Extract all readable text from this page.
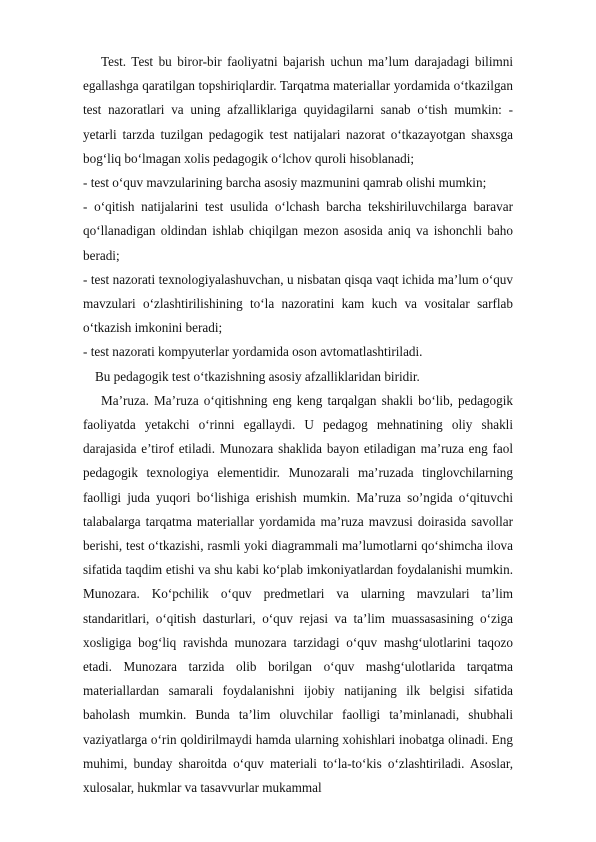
Test. Test bu biror-bir faoliyatni bajarish uchun ma’lum darajadagi bilimni egallashga qaratilgan topshiriqlardir. Tarqatma materiallar yordamida o‘tkazilgan test nazoratlari va uning afzalliklariga quyidagilarni sanab o‘tish mumkin: - yetarli tarzda tuzilgan pedagogik test natijalari nazorat o‘tkazayotgan shaxsga bog‘liq bo‘lmagan xolis pedagogik o‘lchov quroli hisoblanadi;

- test o‘quv mavzularining barcha asosiy mazmunini qamrab olishi mumkin;

- o‘qitish natijalarini test usulida o‘lchash barcha tekshiriluvchilarga baravar qo‘llanadigan oldindan ishlab chiqilgan mezon asosida aniq va ishonchli baho beradi;

- test nazorati texnologiyalashuvchan, u nisbatan qisqa vaqt ichida ma’lum o‘quv mavzulari o‘zlashtirilishining to‘la nazoratini kam kuch va vositalar sarflab o‘tkazish imkonini beradi;

- test nazorati kompyuterlar yordamida oson avtomatlashtiriladi.

Bu pedagogik test o‘tkazishning asosiy afzalliklaridan biridir.

Ma’ruza. Ma’ruza o‘qitishning eng keng tarqalgan shakli bo‘lib, pedagogik faoliyatda yetakchi o‘rinni egallaydi. U pedagog mehnatining oliy shakli darajasida e’tirof etiladi. Munozara shaklida bayon etiladigan ma’ruza eng faol pedagogik texnologiya elementidir. Munozarali ma’ruzada tinglovchilarning faolligi juda yuqori bo‘lishiga erishish mumkin. Ma’ruza so’ngida o‘qituvchi talabalarga tarqatma materiallar yordamida ma’ruza mavzusi doirasida savollar berishi, test o‘tkazishi, rasmli yoki diagrammali ma’lumotlarni qo‘shimcha ilova sifatida taqdim etishi va shu kabi ko‘plab imkoniyatlardan foydalanishi mumkin. Munozara. Ko‘pchilik o‘quv predmetlari va ularning mavzulari ta’lim standaritlari, o‘qitish dasturlari, o‘quv rejasi va ta’lim muassasasining o‘ziga xosligiga bog‘liq ravishda munozara tarzidagi o‘quv mashg‘ulotlarini taqozo etadi. Munozara tarzida olib borilgan o‘quv mashg‘ulotlarida tarqatma materiallardan samarali foydalanishni ijobiy natijaning ilk belgisi sifatida baholash mumkin. Bunda ta’lim oluvchilar faolligi ta’minlanadi, shubhali vaziyatlarga o‘rin qoldirilmaydi hamda ularning xohishlari inobatga olinadi. Eng muhimi, bunday sharoitda o‘quv materiali to‘la-to‘kis o‘zlashtiriladi. Asoslar, xulosalar, hukmlar va tasavvurlar mukammal
